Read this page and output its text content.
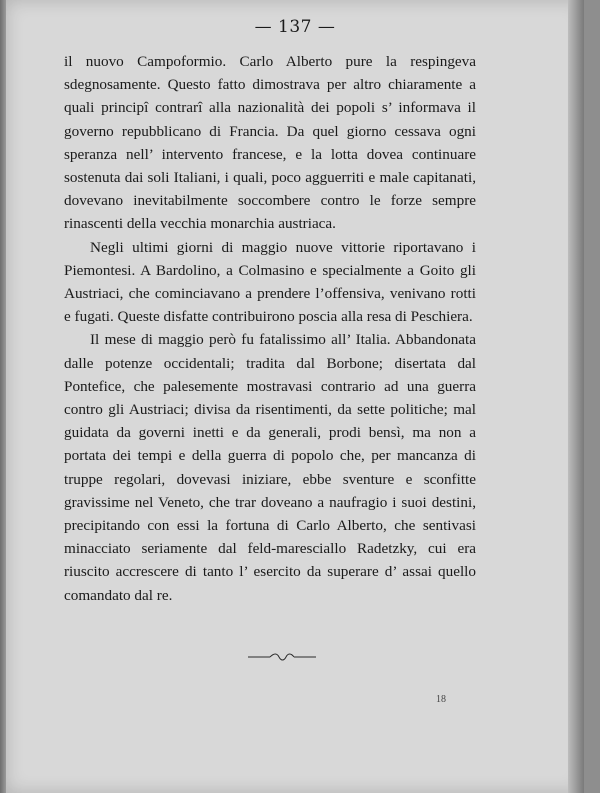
— 137 —

il nuovo Campoformio. Carlo Alberto pure la respingeva sdegnosamente. Questo fatto dimostrava per altro chiaramente a quali principî contrarî alla nazionalità dei popoli s’ informava il governo repubblicano di Francia. Da quel giorno cessava ogni speranza nell’ intervento francese, e la lotta dovea continuare sostenuta dai soli Italiani, i quali, poco agguerriti e male capitanati, dovevano inevitabilmente soccombere contro le forze sempre rinascenti della vecchia monarchia austriaca.

Negli ultimi giorni di maggio nuove vittorie riportavano i Piemontesi. A Bardolino, a Colmasino e specialmente a Goito gli Austriaci, che cominciavano a prendere l’offensiva, venivano rotti e fugati. Queste disfatte contribuirono poscia alla resa di Peschiera.

Il mese di maggio però fu fatalissimo all’ Italia. Abbandonata dalle potenze occidentali; tradita dal Borbone; disertata dal Pontefice, che palesemente mostravasi contrario ad una guerra contro gli Austriaci; divisa da risentimenti, da sette politiche; mal guidata da governi inetti e da generali, prodi bensì, ma non a portata dei tempi e della guerra di popolo che, per mancanza di truppe regolari, dovevasi iniziare, ebbe sventure e sconfitte gravissime nel Veneto, che trar doveano a naufragio i suoi destini, precipitando con essi la fortuna di Carlo Alberto, che sentivasi minacciato seriamente dal feld-maresciallo Radetzky, cui era riuscito accrescere di tanto l’ esercito da superare d’ assai quello comandato dal re.

18
